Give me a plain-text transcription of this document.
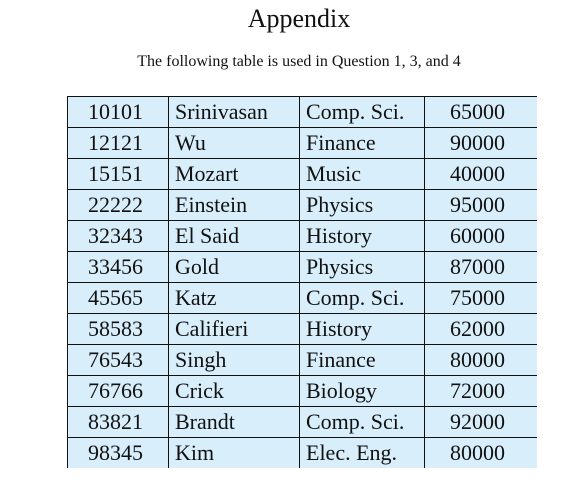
Appendix
The following table is used in Question 1, 3, and 4
10101	Srinivasan	Comp. Sci.	65000
12121	Wu	Finance	90000
15151	Mozart	Music	40000
22222	Einstein	Physics	95000
32343	El Said	History	60000
33456	Gold	Physics	87000
45565	Katz	Comp. Sci.	75000
58583	Califieri	History	62000
76543	Singh	Finance	80000
76766	Crick	Biology	72000
83821	Brandt	Comp. Sci.	92000
98345	Kim	Elec. Eng.	80000
